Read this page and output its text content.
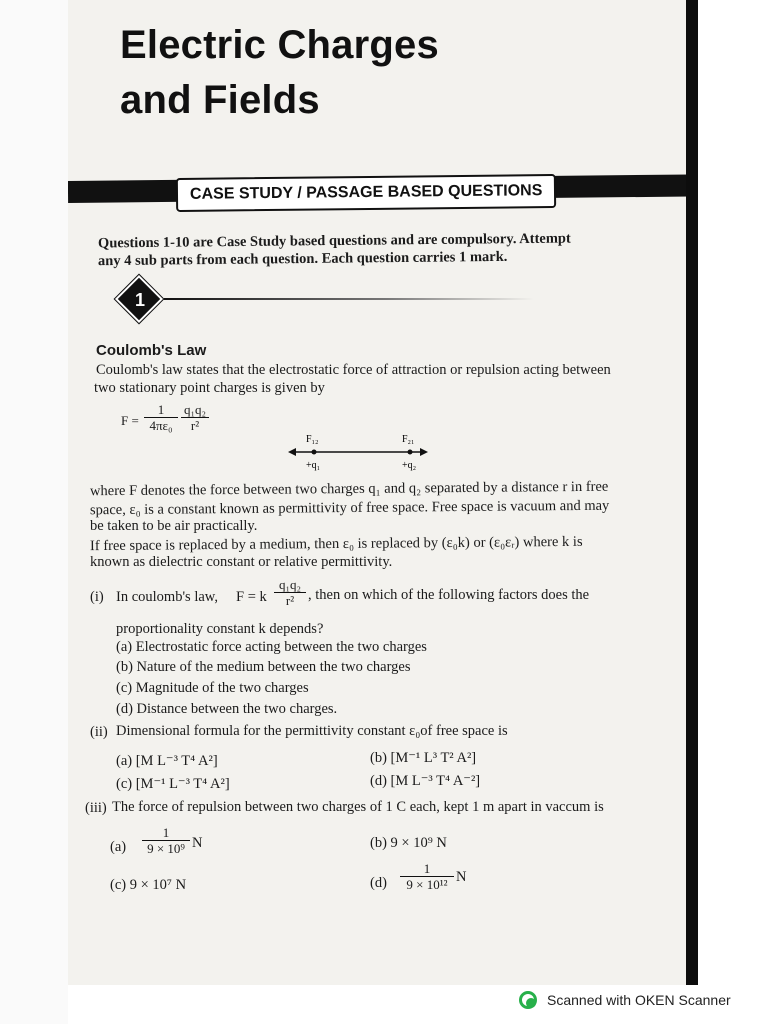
Electric Charges
and Fields
CASE STUDY / PASSAGE BASED QUESTIONS
Questions 1-10 are Case Study based questions and are compulsory. Attempt
any 4 sub parts from each question. Each question carries 1 mark.
1
Coulomb's Law
Coulomb's law states that the electrostatic force of attraction or repulsion acting between
two stationary point charges is given by
$F = \frac{1}{\text{4πε₀}} \frac{\text{q₁q₂}}{\text{r²}}$
F₁₂	F₂₁
+q₁	+q₂
where F denotes the force between two charges q₁ and q₂ separated by a distance r in free
space, ε₀ is a constant known as permittivity of free space. Free space is vacuum and may
be taken to be air practically.
If free space is replaced by a medium, then ε₀ is replaced by (ε₀k) or (ε₀εᵣ) where k is
known as dielectric constant or relative permittivity.
(i) In coulomb's law, F = k $\frac{\text{q₁q₂}}{\text{r²}}$ , then on which of the following factors does the
proportionality constant k depends?
(a) Electrostatic force acting between the two charges
(b) Nature of the medium between the two charges
(c) Magnitude of the two charges
(d) Distance between the two charges.
(ii) Dimensional formula for the permittivity constant ε₀of free space is
(a) [M L⁻³ T⁴ A²]	(b) [M⁻¹ L³ T² A²]
(c) [M⁻¹ L⁻³ T⁴ A²]	(d) [M L⁻³ T⁴ A⁻²]
(iii) The force of repulsion between two charges of 1 C each, kept 1 m apart in vaccum is
$(a) \frac{1}{\text{9 × 10⁹}}$ N	(b) 9 × 10⁹ N
(c) 9 × 10⁷ N	$(d) \frac{1}{\text{9 × 10¹²}}$ N
Scanned with OKEN Scanner
